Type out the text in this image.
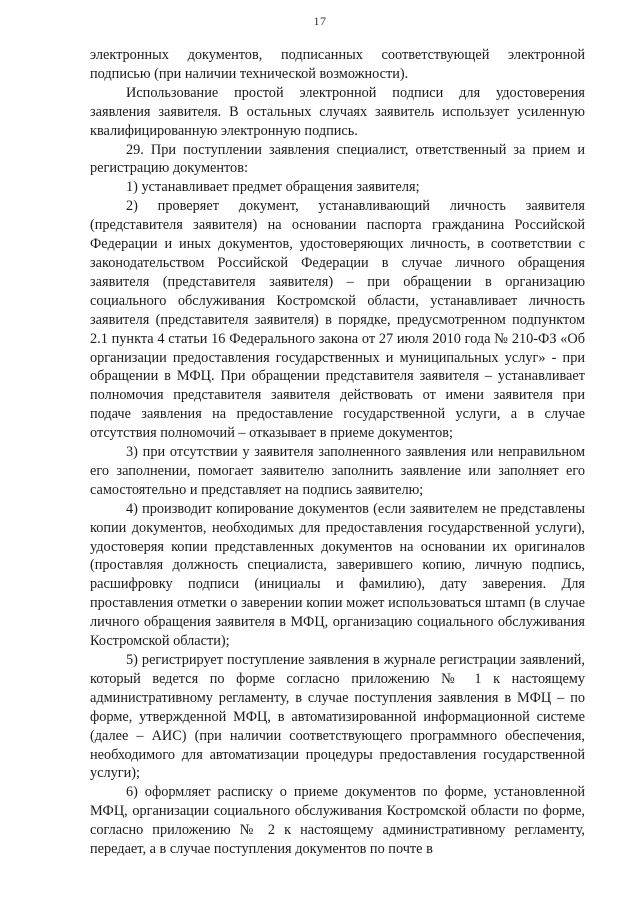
17

электронных документов, подписанных соответствующей электронной подписью (при наличии технической возможности).

Использование простой электронной подписи для удостоверения заявления заявителя. В остальных случаях заявитель использует усиленную квалифицированную электронную подпись.

29. При поступлении заявления специалист, ответственный за прием и регистрацию документов:

1) устанавливает предмет обращения заявителя;

2) проверяет документ, устанавливающий личность заявителя (представителя заявителя) на основании паспорта гражданина Российской Федерации и иных документов, удостоверяющих личность, в соответствии с законодательством Российской Федерации в случае личного обращения заявителя (представителя заявителя) – при обращении в организацию социального обслуживания Костромской области, устанавливает личность заявителя (представителя заявителя) в порядке, предусмотренном подпунктом 2.1 пункта 4 статьи 16 Федерального закона от 27 июля 2010 года № 210-ФЗ «Об организации предоставления государственных и муниципальных услуг» - при обращении в МФЦ. При обращении представителя заявителя – устанавливает полномочия представителя заявителя действовать от имени заявителя при подаче заявления на предоставление государственной услуги, а в случае отсутствия полномочий – отказывает в приеме документов;

3) при отсутствии у заявителя заполненного заявления или неправильном его заполнении, помогает заявителю заполнить заявление или заполняет его самостоятельно и представляет на подпись заявителю;

4) производит копирование документов (если заявителем не представлены копии документов, необходимых для предоставления государственной услуги), удостоверяя копии представленных документов на основании их оригиналов (проставляя должность специалиста, заверившего копию, личную подпись, расшифровку подписи (инициалы и фамилию), дату заверения. Для проставления отметки о заверении копии может использоваться штамп (в случае личного обращения заявителя в МФЦ, организацию социального обслуживания Костромской области);

5) регистрирует поступление заявления в журнале регистрации заявлений, который ведется по форме согласно приложению № 1 к настоящему административному регламенту, в случае поступления заявления в МФЦ – по форме, утвержденной МФЦ, в автоматизированной информационной системе (далее – АИС) (при наличии соответствующего программного обеспечения, необходимого для автоматизации процедуры предоставления государственной услуги);

6) оформляет расписку о приеме документов по форме, установленной МФЦ, организации социального обслуживания Костромской области по форме, согласно приложению № 2 к настоящему административному регламенту, передает, а в случае поступления документов по почте в
